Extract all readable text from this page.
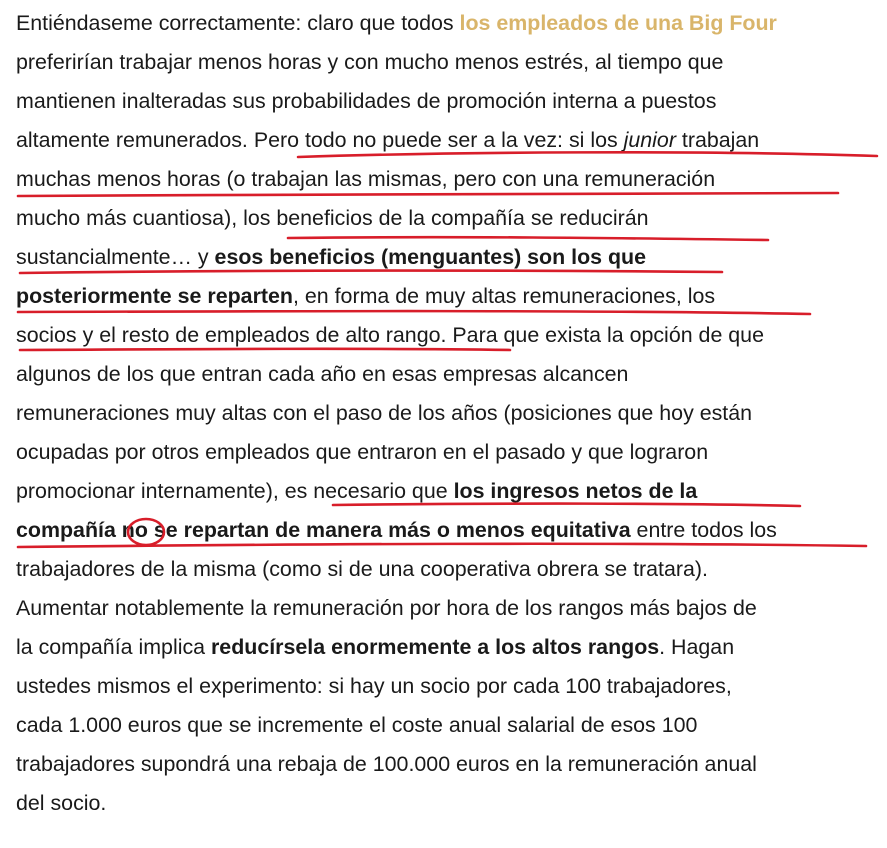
Entiéndaseme correctamente: claro que todos los empleados de una Big Four
preferirían trabajar menos horas y con mucho menos estrés, al tiempo que
mantienen inalteradas sus probabilidades de promoción interna a puestos
altamente remunerados. Pero todo no puede ser a la vez: si los junior trabajan
muchas menos horas (o trabajan las mismas, pero con una remuneración
mucho más cuantiosa), los beneficios de la compañía se reducirán
sustancialmente… y esos beneficios (menguantes) son los que
posteriormente se reparten, en forma de muy altas remuneraciones, los
socios y el resto de empleados de alto rango. Para que exista la opción de que
algunos de los que entran cada año en esas empresas alcancen
remuneraciones muy altas con el paso de los años (posiciones que hoy están
ocupadas por otros empleados que entraron en el pasado y que lograron
promocionar internamente), es necesario que los ingresos netos de la
compañía no se repartan de manera más o menos equitativa entre todos los
trabajadores de la misma (como si de una cooperativa obrera se tratara).
Aumentar notablemente la remuneración por hora de los rangos más bajos de
la compañía implica reducírsela enormemente a los altos rangos. Hagan
ustedes mismos el experimento: si hay un socio por cada 100 trabajadores,
cada 1.000 euros que se incremente el coste anual salarial de esos 100
trabajadores supondrá una rebaja de 100.000 euros en la remuneración anual
del socio.
